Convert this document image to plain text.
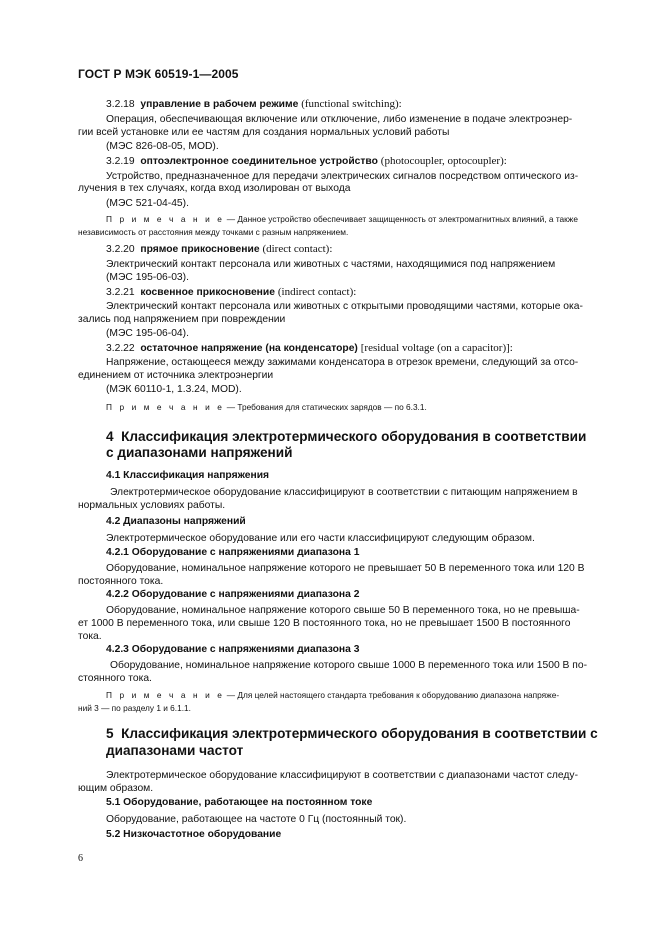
ГОСТ Р МЭК 60519-1—2005
3.2.18 управление в рабочем режиме (functional switching):
Операция, обеспечивающая включение или отключение, либо изменение в подаче электроэнер-
гии всей установке или ее частям для создания нормальных условий работы
(МЭС 826-08-05, MOD).
3.2.19 оптоэлектронное соединительное устройство (photocoupler, optocoupler):
Устройство, предназначенное для передачи электрических сигналов посредством оптического из-
лучения в тех случаях, когда вход изолирован от выхода
(МЭС 521-04-45).
П р и м е ч а н и е — Данное устройство обеспечивает защищенность от электромагнитных влияний, а также
независимость от расстояния между точками с разным напряжением.
3.2.20 прямое прикосновение (direct contact):
Электрический контакт персонала или животных с частями, находящимися под напряжением
(МЭС 195-06-03).
3.2.21 косвенное прикосновение (indirect contact):
Электрический контакт персонала или животных с открытыми проводящими частями, которые ока-
зались под напряжением при повреждении
(МЭС 195-06-04).
3.2.22 остаточное напряжение (на конденсаторе) [residual voltage (on a capacitor)]:
Напряжение, остающееся между зажимами конденсатора в отрезок времени, следующий за отсо-
единением от источника электроэнергии
(МЭК 60110-1, 1.3.24, MOD).
П р и м е ч а н и е — Требования для статических зарядов — по 6.3.1.
4 Классификация электротермического оборудования в соответствии
с диапазонами напряжений
4.1 Классификация напряжения
Электротермическое оборудование классифицируют в соответствии с питающим напряжением в
нормальных условиях работы.
4.2 Диапазоны напряжений
Электротермическое оборудование или его части классифицируют следующим образом.
4.2.1 Оборудование с напряжениями диапазона 1
Оборудование, номинальное напряжение которого не превышает 50 В переменного тока или 120 В
постоянного тока.
4.2.2 Оборудование с напряжениями диапазона 2
Оборудование, номинальное напряжение которого свыше 50 В переменного тока, но не превыша-
ет 1000 В переменного тока, или свыше 120 В постоянного тока, но не превышает 1500 В постоянного
тока.
4.2.3 Оборудование с напряжениями диапазона 3
Оборудование, номинальное напряжение которого свыше 1000 В переменного тока или 1500 В по-
стоянного тока.
П р и м е ч а н и е — Для целей настоящего стандарта требования к оборудованию диапазона напряже-
ний 3 — по разделу 1 и 6.1.1.
5 Классификация электротермического оборудования в соответствии с
диапазонами частот
Электротермическое оборудование классифицируют в соответствии с диапазонами частот следу-
ющим образом.
5.1 Оборудование, работающее на постоянном токе
Оборудование, работающее на частоте 0 Гц (постоянный ток).
5.2 Низкочастотное оборудование
6
